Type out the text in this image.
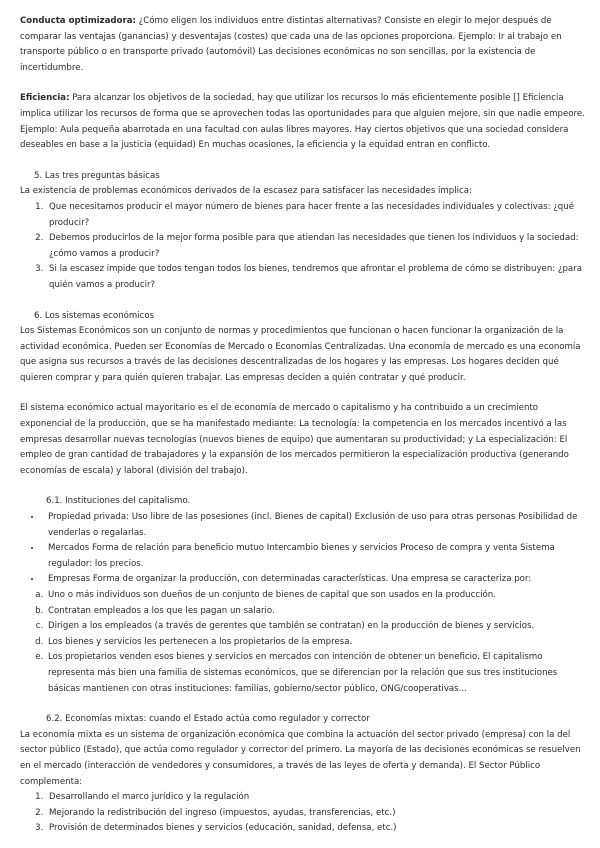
Conducta optimizadora: ¿Cómo eligen los individuos entre distintas alternativas? Consiste en elegir lo mejor después de comparar las ventajas (ganancias) y desventajas (costes) que cada una de las opciones proporciona. Ejemplo: Ir al trabajo en transporte público o en transporte privado (automóvil) Las decisiones económicas no son sencillas, por la existencia de incertidumbre.

Eficiencia: Para alcanzar los objetivos de la sociedad, hay que utilizar los recursos lo más eficientemente posible [] Eficiencia implica utilizar los recursos de forma que se aprovechen todas las oportunidades para que alguien mejore, sin que nadie empeore. Ejemplo: Aula pequeña abarrotada en una facultad con aulas libres mayores. Hay ciertos objetivos que una sociedad considera deseables en base a la justicia (equidad) En muchas ocasiones, la eficiencia y la equidad entran en conflicto.

5. Las tres preguntas básicas

La existencia de problemas económicos derivados de la escasez para satisfacer las necesidades implica:

1. Que necesitamos producir el mayor número de bienes para hacer frente a las necesidades individuales y colectivas: ¿qué producir?
2. Debemos producirlos de la mejor forma posible para que atiendan las necesidades que tienen los individuos y la sociedad: ¿cómo vamos a producir?
3. Si la escasez impide que todos tengan todos los bienes, tendremos que afrontar el problema de cómo se distribuyen: ¿para quién vamos a producir?

6. Los sistemas económicos

Los Sistemas Económicos son un conjunto de normas y procedimientos que funcionan o hacen funcionar la organización de la actividad económica. Pueden ser Economías de Mercado o Economías Centralizadas. Una economía de mercado es una economía que asigna sus recursos a través de las decisiones descentralizadas de los hogares y las empresas. Los hogares deciden qué quieren comprar y para quién quieren trabajar. Las empresas deciden a quién contratar y qué producir.

El sistema económico actual mayoritario es el de economía de mercado o capitalismo y ha contribuido a un crecimiento exponencial de la producción, que se ha manifestado mediante: La tecnología: la competencia en los mercados incentivó a las empresas desarrollar nuevas tecnologías (nuevos bienes de equipo) que aumentaran su productividad; y La especialización: El empleo de gran cantidad de trabajadores y la expansión de los mercados permitieron la especialización productiva (generando economías de escala) y laboral (división del trabajo).

6.1. Instituciones del capitalismo.

• Propiedad privada: Uso libre de las posesiones (incl. Bienes de capital) Exclusión de uso para otras personas Posibilidad de venderlas o regalarlas.
• Mercados Forma de relación para beneficio mutuo Intercambio bienes y servicios Proceso de compra y venta Sistema regulador: los precios.
• Empresas Forma de organizar la producción, con determinadas características. Una empresa se caracteriza por:
a. Uno o más individuos son dueños de un conjunto de bienes de capital que son usados en la producción.
b. Contratan empleados a los que les pagan un salario.
c. Dirigen a los empleados (a través de gerentes que también se contratan) en la producción de bienes y servicios.
d. Los bienes y servicios les pertenecen a los propietarios de la empresa.
e. Los propietarios venden esos bienes y servicios en mercados con intención de obtener un beneficio. El capitalismo representa más bien una familia de sistemas económicos, que se diferencian por la relación que sus tres instituciones básicas mantienen con otras instituciones: familias, gobierno/sector público, ONG/cooperativas...

6.2. Economías mixtas: cuando el Estado actúa como regulador y corrector

La economía mixta es un sistema de organización económica que combina la actuación del sector privado (empresa) con la del sector público (Estado), que actúa como regulador y corrector del primero. La mayoría de las decisiones económicas se resuelven en el mercado (interacción de vendedores y consumidores, a través de las leyes de oferta y demanda). El Sector Público complementa:

1. Desarrollando el marco jurídico y la regulación
2. Mejorando la redistribución del ingreso (impuestos, ayudas, transferencias, etc.)
3. Provisión de determinados bienes y servicios (educación, sanidad, defensa, etc.)
